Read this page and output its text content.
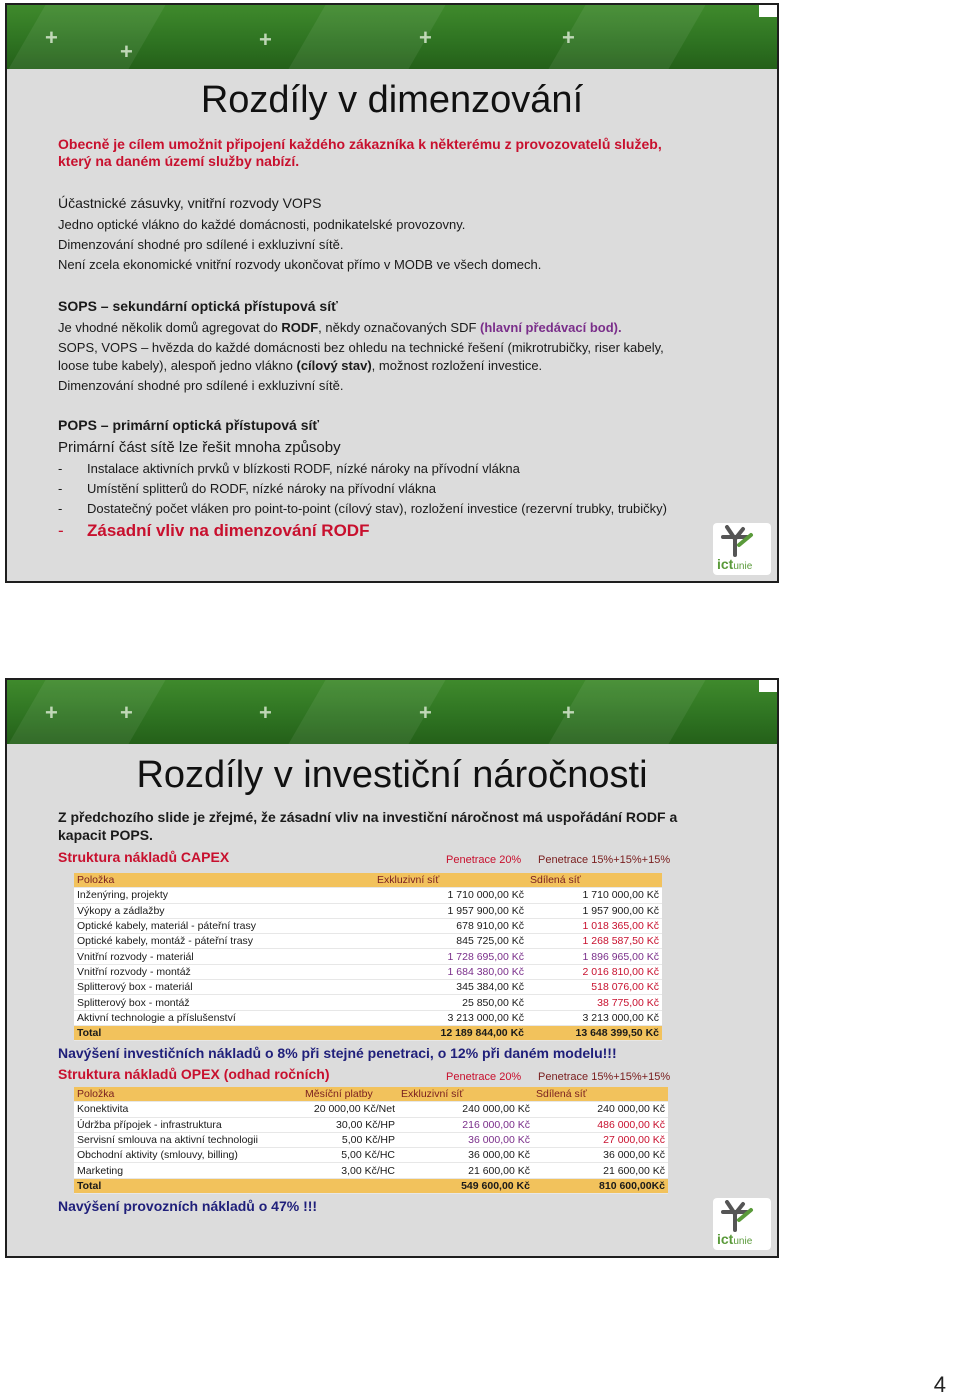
+
+	+	+	+
Rozdíly v dimenzování
Obecně je cílem umožnit připojení každého zákazníka k některému z provozovatelů služeb,
který na daném území služby nabízí.
Účastnické zásuvky, vnitřní rozvody VOPS
Jedno optické vlákno do každé domácnosti, podnikatelské provozovny.
Dimenzování shodné pro sdílené i exkluzivní sítě.
Není zcela ekonomické vnitřní rozvody ukončovat přímo v MODB ve všech domech.
SOPS – sekundární optická přístupová síť
Je vhodné několik domů agregovat do RODF, někdy označovaných SDF (hlavní předávací bod).
SOPS, VOPS – hvězda do každé domácnosti bez ohledu na technické řešení (mikrotrubičky, riser kabely,
loose tube kabely), alespoň jedno vlákno (cílový stav), možnost rozložení investice.
Dimenzování shodné pro sdílené i exkluzivní sítě.
POPS – primární optická přístupová síť
Primární část sítě lze řešit mnoha způsoby
- Instalace aktivních prvků v blízkosti RODF, nízké nároky na přívodní vlákna
- Umístění splitterů do RODF, nízké nároky na přívodní vlákna
- Dostatečný počet vláken pro point-to-point (cílový stav), rozložení investice (rezervní trubky, trubičky)
- Zásadní vliv na dimenzování RODF
ictunie
+	+	+	+	+
Rozdíly v investiční náročnosti
Z předchozího slide je zřejmé, že zásadní vliv na investiční náročnost má uspořádání RODF a
kapacit POPS.
Struktura nákladů CAPEX	Penetrace 20% Penetrace 15%+15%+15%
Položka	Exkluzivní síť	Sdílená síť
Inženýring, projekty	1 710 000,00 Kč	1 710 000,00 Kč
Výkopy a zádlažby	1 957 900,00 Kč	1 957 900,00 Kč
Optické kabely, materiál - páteřní trasy	678 910,00 Kč	1 018 365,00 Kč
Optické kabely, montáž - páteřní trasy	845 725,00 Kč	1 268 587,50 Kč
Vnitřní rozvody - materiál	1 728 695,00 Kč	1 896 965,00 Kč
Vnitřní rozvody - montáž	1 684 380,00 Kč	2 016 810,00 Kč
Splitterový box - materiál	345 384,00 Kč	518 076,00 Kč
Splitterový box - montáž	25 850,00 Kč	38 775,00 Kč
Aktivní technologie a příslušenství	3 213 000,00 Kč	3 213 000,00 Kč
Total	12 189 844,00 Kč	13 648 399,50 Kč
Navýšení investičních nákladů o 8% při stejné penetraci, o 12% při daném modelu!!!
Struktura nákladů OPEX (odhad ročních)	Penetrace 20% Penetrace 15%+15%+15%
Položka	Měsíční platby	Exkluzivní síť	Sdílená síť
Konektivita	20 000,00 Kč/Net	240 000,00 Kč	240 000,00 Kč
Údržba přípojek - infrastruktura	30,00 Kč/HP	216 000,00 Kč	486 000,00 Kč
Servisní smlouva na aktivní technologii	5,00 Kč/HP	36 000,00 Kč	27 000,00 Kč
Obchodní aktivity (smlouvy, billing)	5,00 Kč/HC	36 000,00 Kč	36 000,00 Kč
Marketing	3,00 Kč/HC	21 600,00 Kč	21 600,00 Kč
Total		549 600,00 Kč	810 600,00Kč
Navýšení provozních nákladů o 47% !!!
ictunie
4
